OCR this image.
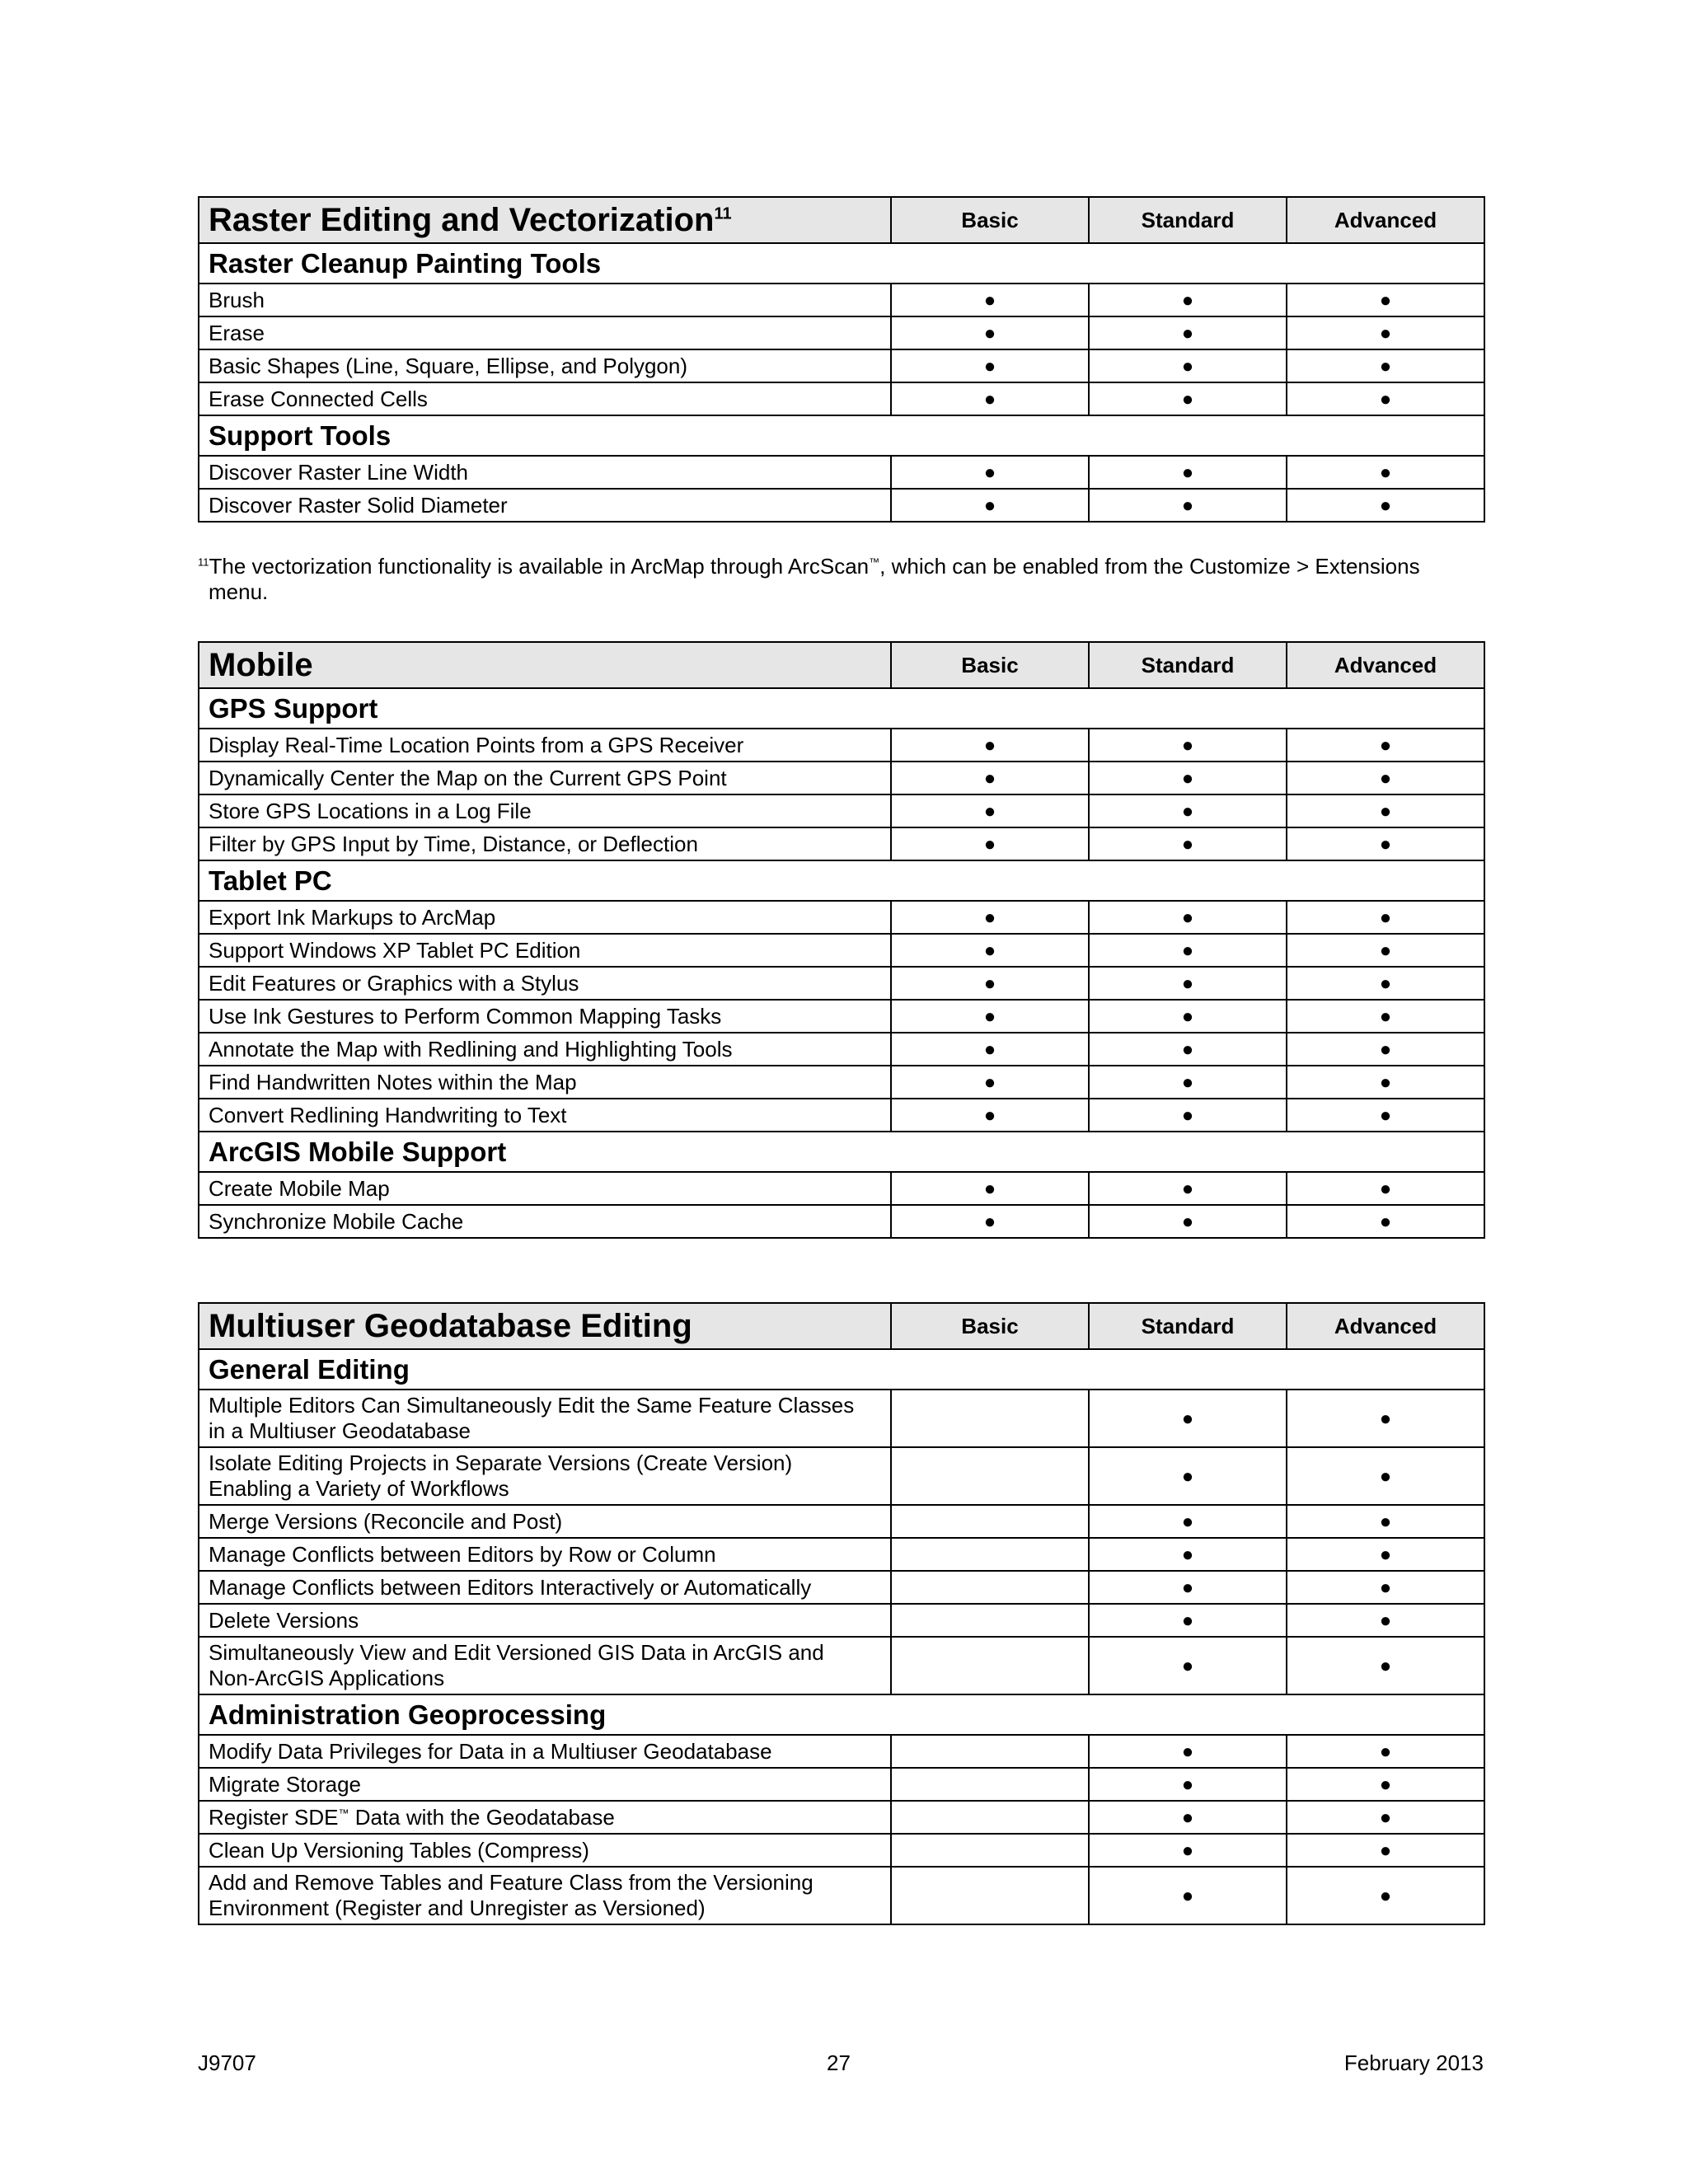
Raster Editing and Vectorization$^{11}$	Basic	Standard	Advanced
Raster Cleanup Painting Tools			
Brush	●	●	●
Erase	●	●	●
Basic Shapes (Line, Square, Ellipse, and Polygon)	●	●	●
Erase Connected Cells	●	●	●
Support Tools			
Discover Raster Line Width	●	●	●
Discover Raster Solid Diameter	●	●	●
$^{11}$The vectorization functionality is available in ArcMap through ArcScan™, which can be enabled from the Customize > Extensions
menu.
Mobile	Basic	Standard	Advanced
GPS Support			
Display Real-Time Location Points from a GPS Receiver	●	●	●
Dynamically Center the Map on the Current GPS Point	●	●	●
Store GPS Locations in a Log File	●	●	●
Filter by GPS Input by Time, Distance, or Deflection	●	●	●
Tablet PC			
Export Ink Markups to ArcMap	●	●	●
Support Windows XP Tablet PC Edition	●	●	●
Edit Features or Graphics with a Stylus	●	●	●
Use Ink Gestures to Perform Common Mapping Tasks	●	●	●
Annotate the Map with Redlining and Highlighting Tools	●	●	●
Find Handwritten Notes within the Map	●	●	●
Convert Redlining Handwriting to Text	●	●	●
ArcGIS Mobile Support			
Create Mobile Map	●	●	●
Synchronize Mobile Cache	●	●	●
Multiuser Geodatabase Editing	Basic	Standard	Advanced
General Editing			
Multiple Editors Can Simultaneously Edit the Same Feature Classes
in a Multiuser Geodatabase		●	●
Isolate Editing Projects in Separate Versions (Create Version)
Enabling a Variety of Workflows		●	●
Merge Versions (Reconcile and Post)		●	●
Manage Conflicts between Editors by Row or Column		●	●
Manage Conflicts between Editors Interactively or Automatically		●	●
Delete Versions		●	●
Simultaneously View and Edit Versioned GIS Data in ArcGIS and
Non-ArcGIS Applications		●	●
Administration Geoprocessing			
Modify Data Privileges for Data in a Multiuser Geodatabase		●	●
Migrate Storage		●	●
Register SDE™ Data with the Geodatabase		●	●
Clean Up Versioning Tables (Compress)		●	●
Add and Remove Tables and Feature Class from the Versioning
Environment (Register and Unregister as Versioned)		●	●
J9707	27	February 2013
